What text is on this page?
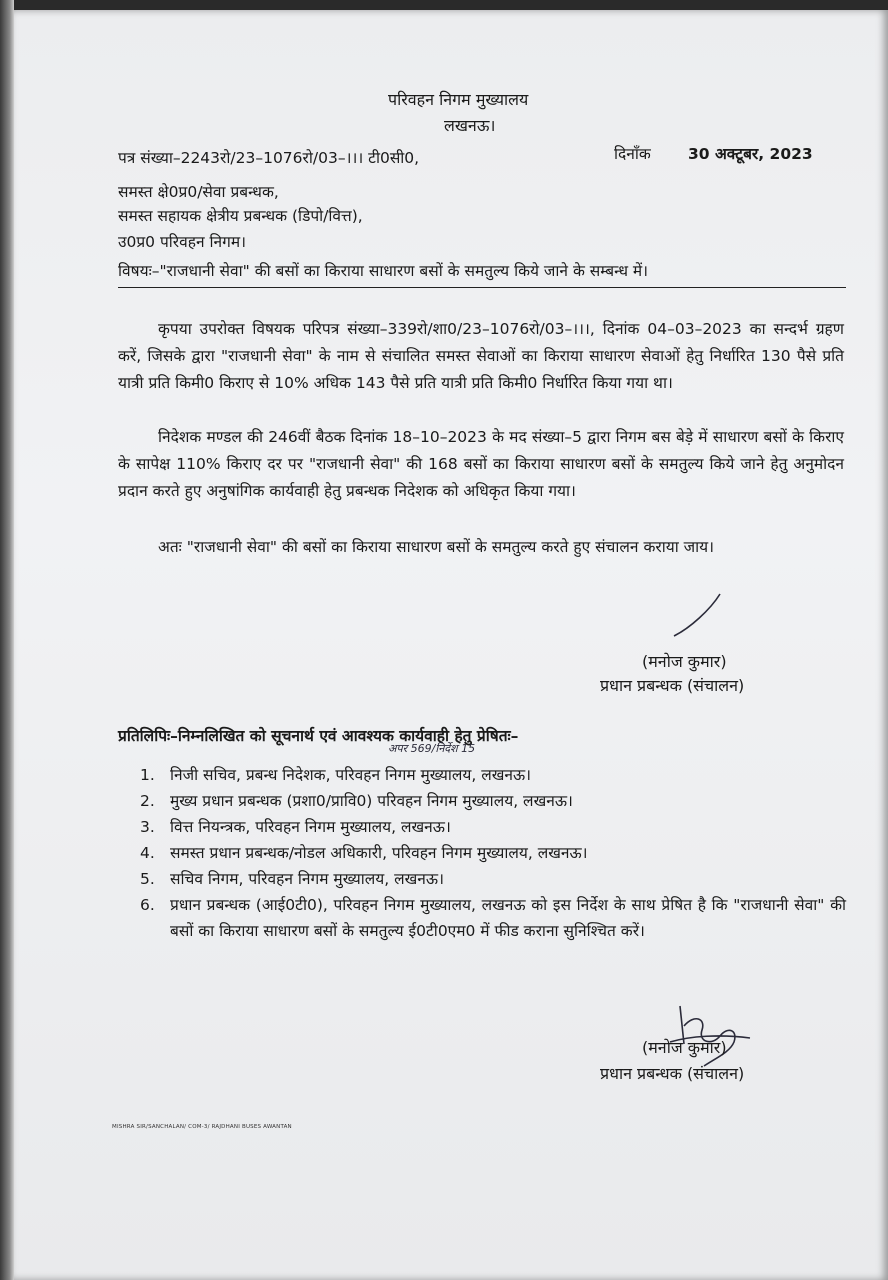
परिवहन निगम मुख्यालय
लखनऊ।
पत्र संख्या–2243रो/23–1076रो/03–।।। टी0सी0,	दिनाँक 30 अक्टूबर, 2023
समस्त क्षे0प्र0/सेवा प्रबन्धक,
समस्त सहायक क्षेत्रीय प्रबन्धक (डिपो/वित्त),
उ0प्र0 परिवहन निगम।
विषयः–"राजधानी सेवा" की बसों का किराया साधारण बसों के समतुल्य किये जाने के सम्बन्ध में।
कृपया उपरोक्त विषयक परिपत्र संख्या–339रो/शा0/23–1076रो/03–।।।, दिनांक 04–03–2023 का सन्दर्भ ग्रहण करें, जिसके द्वारा "राजधानी सेवा" के नाम से संचालित समस्त सेवाओं का किराया साधारण सेवाओं हेतु निर्धारित 130 पैसे प्रति यात्री प्रति किमी0 किराए से 10% अधिक 143 पैसे प्रति यात्री प्रति किमी0 निर्धारित किया गया था।
निदेशक मण्डल की 246वीं बैठक दिनांक 18–10–2023 के मद संख्या–5 द्वारा निगम बस बेड़े में साधारण बसों के किराए के सापेक्ष 110% किराए दर पर "राजधानी सेवा" की 168 बसों का किराया साधारण बसों के समतुल्य किये जाने हेतु अनुमोदन प्रदान करते हुए अनुषांगिक कार्यवाही हेतु प्रबन्धक निदेशक को अधिकृत किया गया।
अतः "राजधानी सेवा" की बसों का किराया साधारण बसों के समतुल्य करते हुए संचालन कराया जाय।
(मनोज कुमार)
प्रधान प्रबन्धक (संचालन)
प्रतिलिपिः–निम्नलिखित को सूचनार्थ एवं आवश्यक कार्यवाही हेतु प्रेषितः–
अपर 569/निर्देश 15
1. निजी सचिव, प्रबन्ध निदेशक, परिवहन निगम मुख्यालय, लखनऊ।
2. मुख्य प्रधान प्रबन्धक (प्रशा0/प्रावि0) परिवहन निगम मुख्यालय, लखनऊ।
3. वित्त नियन्त्रक, परिवहन निगम मुख्यालय, लखनऊ।
4. समस्त प्रधान प्रबन्धक/नोडल अधिकारी, परिवहन निगम मुख्यालय, लखनऊ।
5. सचिव निगम, परिवहन निगम मुख्यालय, लखनऊ।
6. प्रधान प्रबन्धक (आई0टी0), परिवहन निगम मुख्यालय, लखनऊ को इस निर्देश के साथ प्रेषित है कि "राजधानी सेवा" की बसों का किराया साधारण बसों के समतुल्य ई0टी0एम0 में फीड कराना सुनिश्चित करें।
(मनोज कुमार)
प्रधान प्रबन्धक (संचालन)
MISHRA SIR/SANCHALAN/ COM-3/ RAJDHANI BUSES AWANTAN
